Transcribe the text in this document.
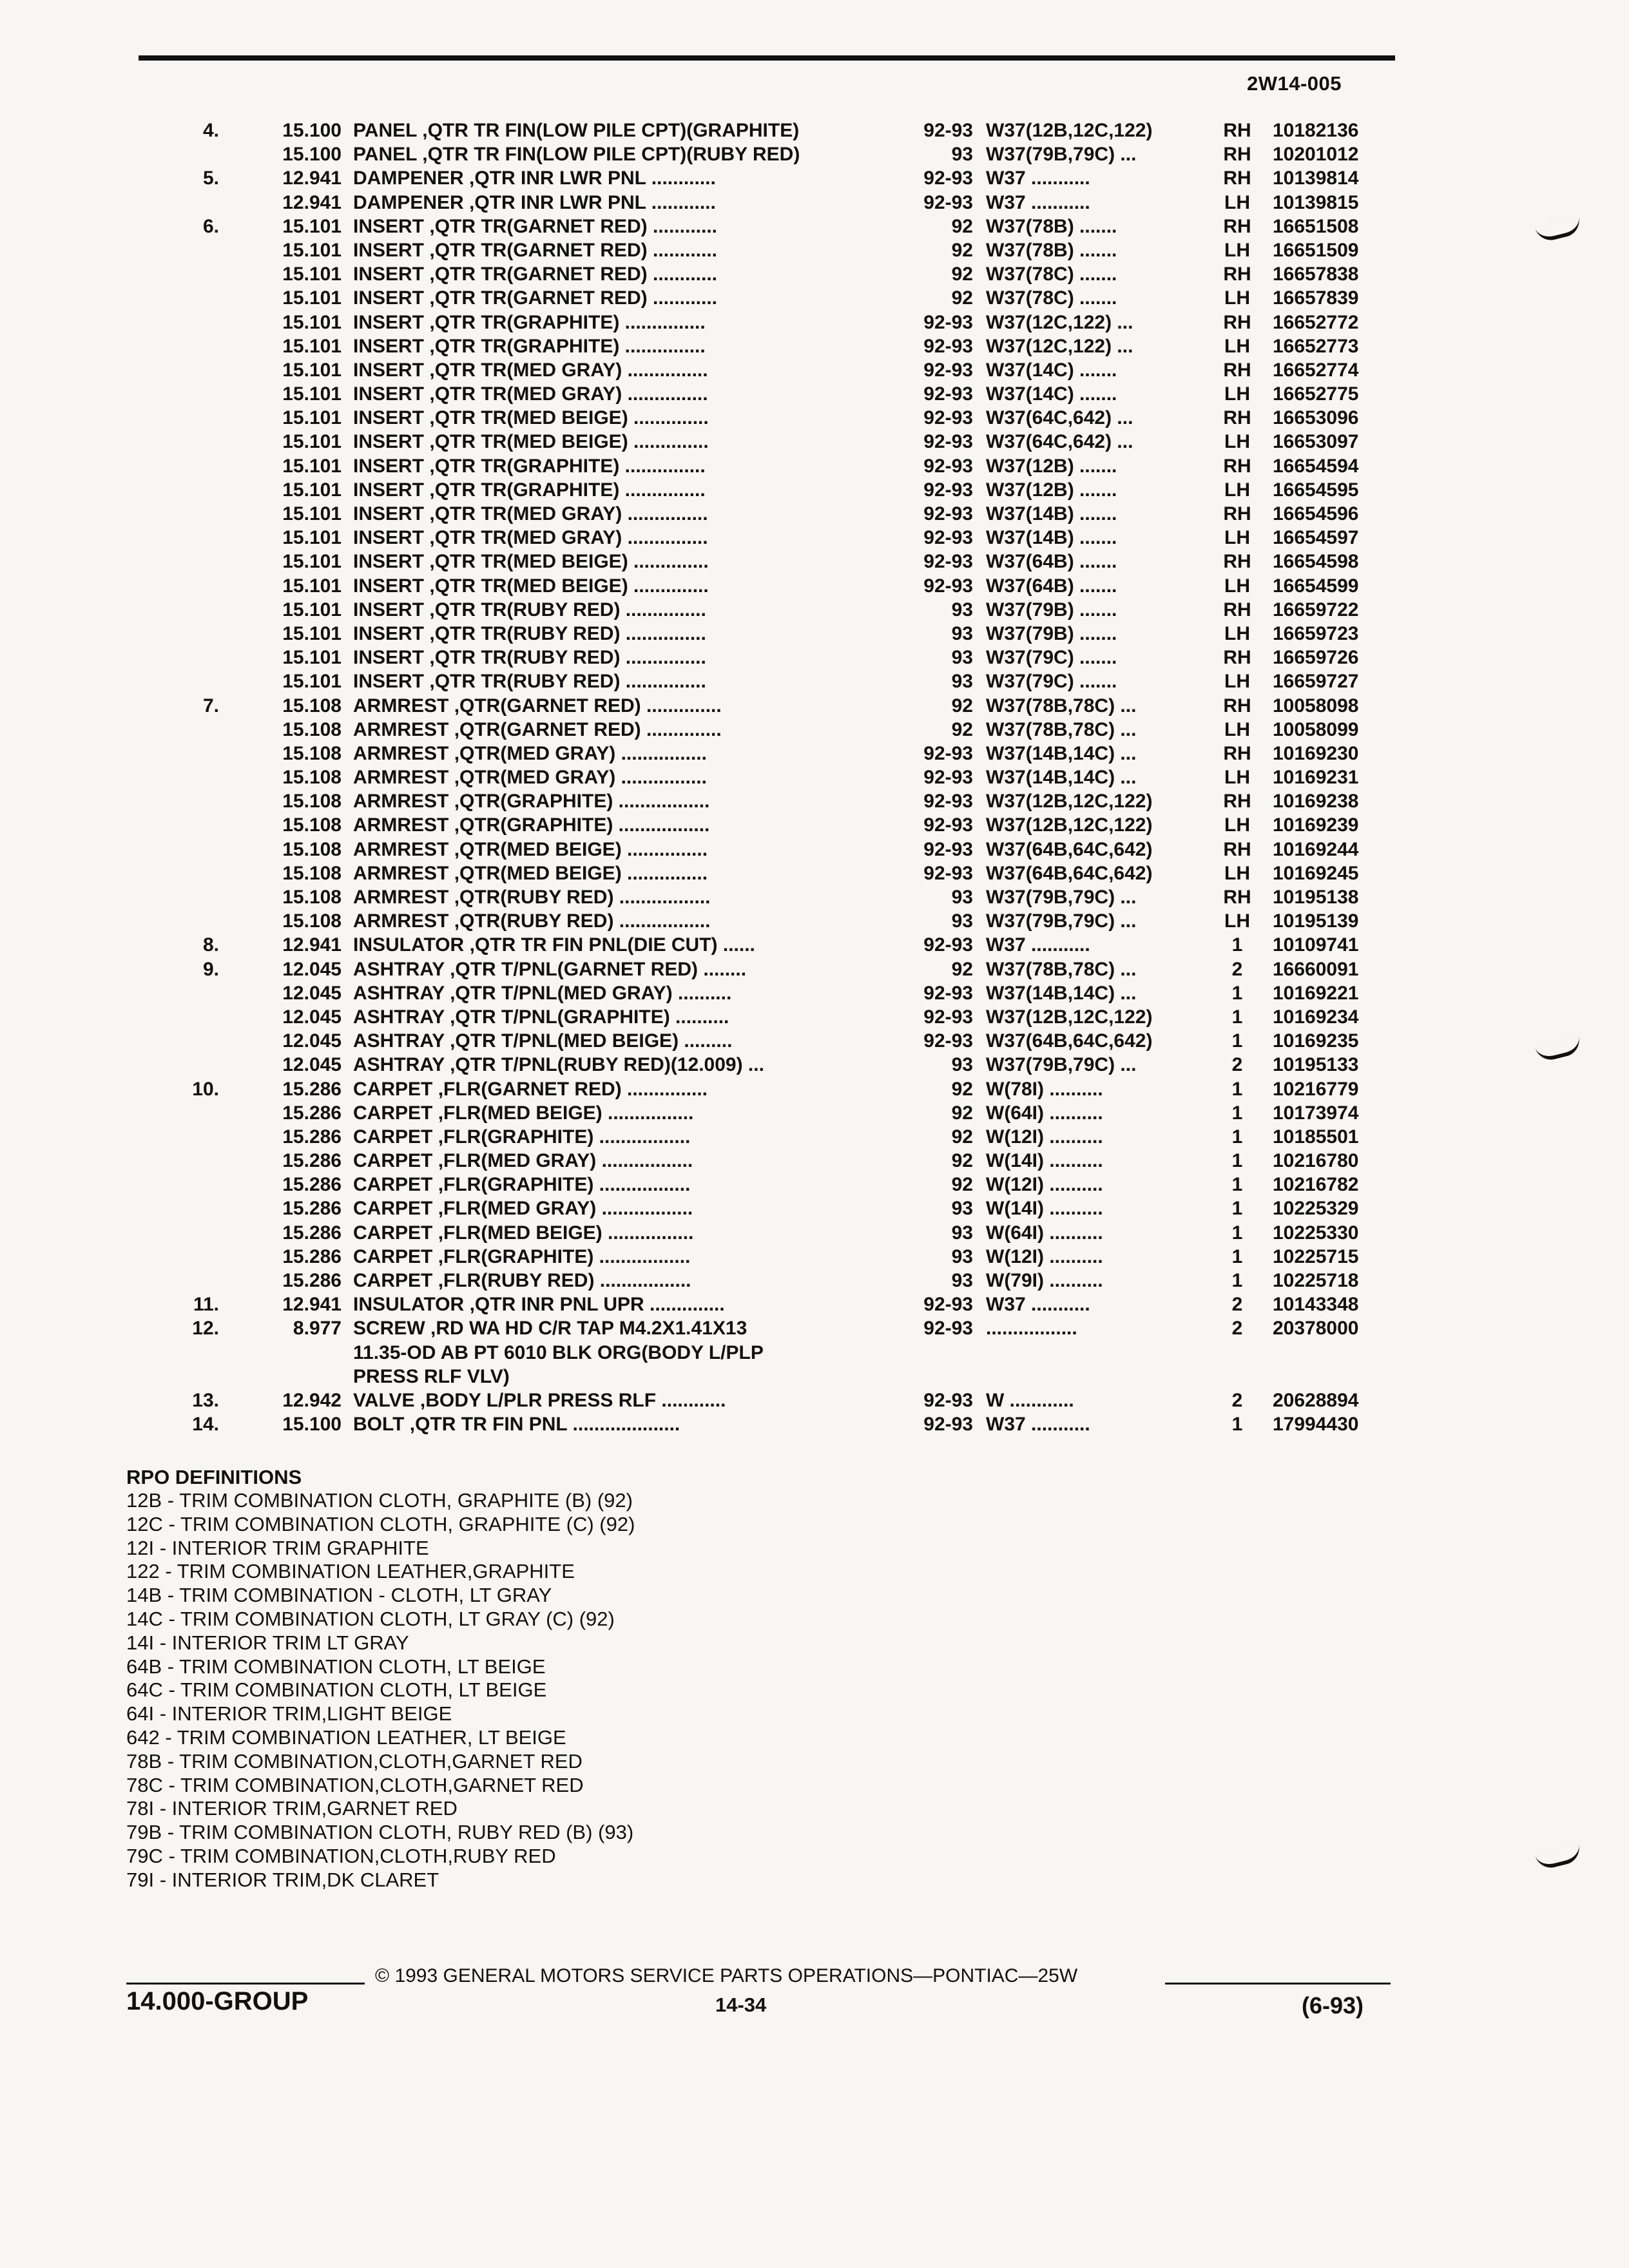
2W14-005
4.	15.100 PANEL ,QTR TR FIN(LOW PILE CPT)(GRAPHITE)	92-93 W37(12B,12C,122)	RH 10182136
15.100 PANEL ,QTR TR FIN(LOW PILE CPT)(RUBY RED)	93 W37(79B,79C) ...	RH 10201012
5.	12.941 DAMPENER ,QTR INR LWR PNL ............	92-93 W37 ...........	RH 10139814
12.941 DAMPENER ,QTR INR LWR PNL ............	92-93 W37 ...........	LH	10139815
6.	15.101 INSERT ,QTR TR(GARNET RED) ............	92 W37(78B) .......	RH 16651508
15.101 INSERT ,QTR TR(GARNET RED) ............	92 W37(78B) .......	LH	16651509
15.101 INSERT ,QTR TR(GARNET RED) ............	92 W37(78C) .......	RH 16657838
15.101 INSERT ,QTR TR(GARNET RED) ............	92 W37(78C) .......	LH	16657839
15.101 INSERT ,QTR TR(GRAPHITE) ...............	92-93 W37(12C,122) ...	RH 16652772
15.101 INSERT ,QTR TR(GRAPHITE) ...............	92-93 W37(12C,122) ...	LH	16652773
15.101 INSERT ,QTR TR(MED GRAY) ...............	92-93 W37(14C) .......	RH 16652774
15.101 INSERT ,QTR TR(MED GRAY) ...............	92-93 W37(14C) .......	LH	16652775
15.101 INSERT ,QTR TR(MED BEIGE) ..............	92-93 W37(64C,642) ...	RH 16653096
15.101 INSERT ,QTR TR(MED BEIGE) ..............	92-93 W37(64C,642) ...	LH	16653097
15.101 INSERT ,QTR TR(GRAPHITE) ...............	92-93 W37(12B) .......	RH 16654594
15.101 INSERT ,QTR TR(GRAPHITE) ...............	92-93 W37(12B) .......	LH	16654595
15.101 INSERT ,QTR TR(MED GRAY) ...............	92-93 W37(14B) .......	RH 16654596
15.101 INSERT ,QTR TR(MED GRAY) ...............	92-93 W37(14B) .......	LH	16654597
15.101 INSERT ,QTR TR(MED BEIGE) ..............	92-93 W37(64B) .......	RH 16654598
15.101 INSERT ,QTR TR(MED BEIGE) ..............	92-93 W37(64B) .......	LH	16654599
15.101 INSERT ,QTR TR(RUBY RED) ...............	93 W37(79B) .......	RH 16659722
15.101 INSERT ,QTR TR(RUBY RED) ...............	93 W37(79B) .......	LH	16659723
15.101 INSERT ,QTR TR(RUBY RED) ...............	93 W37(79C) .......	RH 16659726
15.101 INSERT ,QTR TR(RUBY RED) ...............	93 W37(79C) .......	LH	16659727
7.	15.108 ARMREST ,QTR(GARNET RED) ..............	92 W37(78B,78C) ...	RH 10058098
15.108 ARMREST ,QTR(GARNET RED) ..............	92 W37(78B,78C) ...	LH	10058099
15.108 ARMREST ,QTR(MED GRAY) ................	92-93 W37(14B,14C) ...	RH 10169230
15.108 ARMREST ,QTR(MED GRAY) ................	92-93 W37(14B,14C) ...	LH	10169231
15.108 ARMREST ,QTR(GRAPHITE) .................	92-93 W37(12B,12C,122)	RH 10169238
15.108 ARMREST ,QTR(GRAPHITE) .................	92-93 W37(12B,12C,122)	LH	10169239
15.108 ARMREST ,QTR(MED BEIGE) ...............	92-93 W37(64B,64C,642)	RH 10169244
15.108 ARMREST ,QTR(MED BEIGE) ...............	92-93 W37(64B,64C,642)	LH	10169245
15.108 ARMREST ,QTR(RUBY RED) .................	93 W37(79B,79C) ...	RH 10195138
15.108 ARMREST ,QTR(RUBY RED) .................	93 W37(79B,79C) ...	LH	10195139
8.	12.941 INSULATOR ,QTR TR FIN PNL(DIE CUT) ......	92-93 W37 ...........	1	10109741
9.	12.045 ASHTRAY ,QTR T/PNL(GARNET RED) ........	92 W37(78B,78C) ...	2	16660091
12.045 ASHTRAY ,QTR T/PNL(MED GRAY) ..........	92-93 W37(14B,14C) ...	1	10169221
12.045 ASHTRAY ,QTR T/PNL(GRAPHITE) ..........	92-93 W37(12B,12C,122)	1	10169234
12.045 ASHTRAY ,QTR T/PNL(MED BEIGE) .........	92-93 W37(64B,64C,642)	1	10169235
12.045 ASHTRAY ,QTR T/PNL(RUBY RED)(12.009) ...	93 W37(79B,79C) ...	2	10195133
10.	15.286 CARPET ,FLR(GARNET RED) ...............	92 W(78I) ..........	1	10216779
15.286 CARPET ,FLR(MED BEIGE) ................	92 W(64I) ..........	1	10173974
15.286 CARPET ,FLR(GRAPHITE) .................	92 W(12I) ..........	1	10185501
15.286 CARPET ,FLR(MED GRAY) .................	92 W(14I) ..........	1	10216780
15.286 CARPET ,FLR(GRAPHITE) .................	92 W(12I) ..........	1	10216782
15.286 CARPET ,FLR(MED GRAY) .................	93 W(14I) ..........	1	10225329
15.286 CARPET ,FLR(MED BEIGE) ................	93 W(64I) ..........	1	10225330
15.286 CARPET ,FLR(GRAPHITE) .................	93 W(12I) ..........	1	10225715
15.286 CARPET ,FLR(RUBY RED) .................	93 W(79I) ..........	1	10225718
11.	12.941 INSULATOR ,QTR INR PNL UPR ..............	92-93 W37 ...........	2	10143348
12.	8.977 SCREW ,RD WA HD C/R TAP M4.2X1.41X13	92-93 .................	2	20378000
11.35-OD AB PT 6010 BLK ORG(BODY L/PLP
PRESS RLF VLV)
13.	12.942 VALVE ,BODY L/PLR PRESS RLF ............	92-93 W ............	2	20628894
14.	15.100 BOLT ,QTR TR FIN PNL ....................	92-93 W37 ...........	1	17994430
RPO DEFINITIONS
12B - TRIM COMBINATION CLOTH, GRAPHITE (B) (92)
12C - TRIM COMBINATION CLOTH, GRAPHITE (C) (92)
12I - INTERIOR TRIM GRAPHITE
122 - TRIM COMBINATION LEATHER,GRAPHITE
14B - TRIM COMBINATION - CLOTH, LT GRAY
14C - TRIM COMBINATION CLOTH, LT GRAY (C) (92)
14I - INTERIOR TRIM LT GRAY
64B - TRIM COMBINATION CLOTH, LT BEIGE
64C - TRIM COMBINATION CLOTH, LT BEIGE
64I - INTERIOR TRIM,LIGHT BEIGE
642 - TRIM COMBINATION LEATHER, LT BEIGE
78B - TRIM COMBINATION,CLOTH,GARNET RED
78C - TRIM COMBINATION,CLOTH,GARNET RED
78I - INTERIOR TRIM,GARNET RED
79B - TRIM COMBINATION CLOTH, RUBY RED (B) (93)
79C - TRIM COMBINATION,CLOTH,RUBY RED
79I - INTERIOR TRIM,DK CLARET
© 1993 GENERAL MOTORS SERVICE PARTS OPERATIONS—PONTIAC—25W
14.000-GROUP	14-34	(6-93)
